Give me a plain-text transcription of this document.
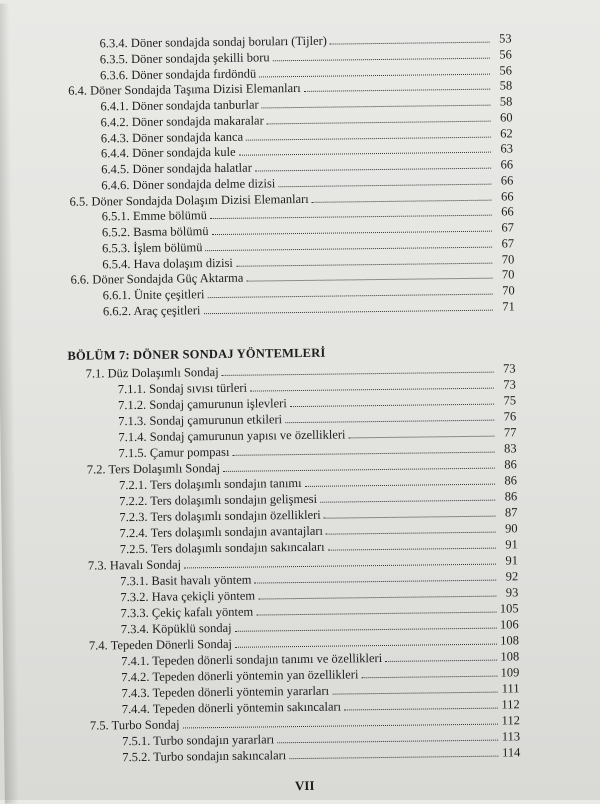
6.3.4. Döner sondajda sondaj boruları (Tijler)	53
6.3.5. Döner sondajda şekilli boru	56
6.3.6. Döner sondajda fırdöndü	56
6.4. Döner Sondajda Taşıma Dizisi Elemanları	58
6.4.1. Döner sondajda tanburlar	58
6.4.2. Döner sondajda makaralar	60
6.4.3. Döner sondajda kanca	62
6.4.4. Döner sondajda kule	63
6.4.5. Döner sondajda halatlar	66
6.4.6. Döner sondajda delme dizisi	66
6.5. Döner Sondajda Dolaşım Dizisi Elemanları	66
6.5.1. Emme bölümü	66
6.5.2. Basma bölümü	67
6.5.3. İşlem bölümü	67
6.5.4. Hava dolaşım dizisi	70
6.6. Döner Sondajda Güç Aktarma	70
6.6.1. Ünite çeşitleri	70
6.6.2. Araç çeşitleri	71
BÖLÜM 7: DÖNER SONDAJ YÖNTEMLERİ
7.1. Düz Dolaşımlı Sondaj	73
7.1.1. Sondaj sıvısı türleri	73
7.1.2. Sondaj çamurunun işlevleri	75
7.1.3. Sondaj çamurunun etkileri	76
7.1.4. Sondaj çamurunun yapısı ve özellikleri	77
7.1.5. Çamur pompası	83
7.2. Ters Dolaşımlı Sondaj	86
7.2.1. Ters dolaşımlı sondajın tanımı	86
7.2.2. Ters dolaşımlı sondajın gelişmesi	86
7.2.3. Ters dolaşımlı sondajın özellikleri	87
7.2.4. Ters dolaşımlı sondajın avantajları	90
7.2.5. Ters dolaşımlı sondajın sakıncaları	91
7.3. Havalı Sondaj	91
7.3.1. Basit havalı yöntem	92
7.3.2. Hava çekiçli yöntem	93
7.3.3. Çekiç kafalı yöntem	105
7.3.4. Köpüklü sondaj	106
7.4. Tepeden Dönerli Sondaj	108
7.4.1. Tepeden dönerli sondajın tanımı ve özellikleri	108
7.4.2. Tepeden dönerli yöntemin yan özellikleri	109
7.4.3. Tepeden dönerli yöntemin yararları	111
7.4.4. Tepeden dönerli yöntemin sakıncaları	112
7.5. Turbo Sondaj	112
7.5.1. Turbo sondajın yararları	113
7.5.2. Turbo sondajın sakıncaları	114
VII
